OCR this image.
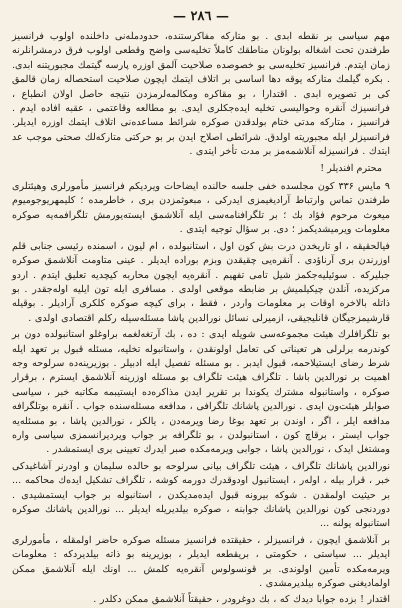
— ٢٨٦ —

مهم سیاسی بر نقطه ابدی . بو متارکه مفاکرستنده، حدودمله‌نی داخلنده اولوب فرانسیز طرفندن تحت اشغاله بولونان مناطقك کاملاً تخلیه‌سی واضح وقطعی اولوب فرق درمشرانلرنه زمان ایتدم. فرانسیز تخلیه‌سی بو خصوصده صلاحیت آلمق اوزره پارسه گیتمك مجبوریتنه ابدی. . بکره گیلمك متارکه یوقه دها اساسی بر اتلاف ایتمك ایچون صلاحیت استحصاله زمان قالمق کی بر تصویره ابدی . اقتدارا ، بو مقاکره ومکالمه‌لرمزدن نتیجه حاصل اولان انطباع ، فرانسیزك آنقره وحوالیسی تخلیه ایده‌جکلری ایدی. بو مطالعه وقاعتمی ، عقبه افاده ایدم . فرانسیز ، متارکه مدتی ختام بولدقدن صوکره شرائط مساعده‌نی اتلاف ایتمك اوزره ایدیلر. فرانسیزلر ایله مجبوریته اولدق. شرائطی اصلاح ایدن بر بو حرکتی متارکه‌لك صحتی موجب عد ایتدك . فرانسیزله آنلاشمه‌مز بر مدت تأخر ایتدی .

محترم افندیلر !

۹ مایس ۳۳۶ کون مجلسده خفی جلسه حالنده ایضاحات ویردیکم فرانسیز مأمورلری وهیئتلری طرفندن تماس وارتباط آرادیغیمزی ایدرکی ، مبعوثمزدن بری ، خاطرمده ؛ کلیمهریوجومیوم میعوث مرحوم فؤاد بك ؛ بر تلگرافنامه‌سی ایله آنلاشمق ایسته‌یورمش تلگرافمه‌یه صوکره معلومات ویرمیشدیکمز ؛ دی. بر سؤال توجیه ایتدی .

فیالحقیقه ، او تاریخدن درت بش کون اول ، استانبولده ، ام لیون ، اسمنده رئیسی جنابی قلم اوزرندن بری آرناؤدی . آنقره‌یی چقیقدن وبزم بوراده ایدیلر . عینی متاومت آنلاشمق صوکره جبلیرکه . سوئیلیه‌جکمز شیل تامی تفهیم . آنقره‌یه ایچون محاربه کیچدیه تعلیق ایتدم . اردو مرکزیده، آنلدن چیکیلمیش بر ضابطه موقعی اولدی . مسافری ایله تون ایلیه اوله‌جقدر . بو ذاتله بالاخره اوقات بر معلومات واردر ، فقط ، برای کیچه صوکره کلکری آرادیلر . بوقیله قارشیمزجیگان قانلیجیقی، ازمیرلی نسائل نورالدین پاشا مسئله‌سیله رکلم اقتصادی اولدی .

بو تلگرافلرك هیئت مجموعه‌سی شویله ایدی : ده ، بك آرتغه‌لغمه براوغلو استانبولده دون بر کوندرمه برلرلی هر تعیناتی کی تعامل اولونقدن ، واستانبوله تخلیه، مسئله قبول بر تعهد ایله شرط رضای ایستیلاحمه، قبول ایدبر . بو مسئله تفصیل ایله ادبیلر . بوزیرینه‌ده سرلوحه وجه اهمیت بر نورالدین باشا . تلگراف هیئت تلگراف بو مسئله اوزرینه آنلاشمق ایسترم ، برقرار صوکره ، واستانبوله مشترك یکوندا بر تقریر ایدن مذاکره‌ده ایستیبمه مکاتبه خبر ، سیاسی صوابلر هیئت‌ون ایدی . نورالدین پاشانك تلگرافی ، مدافعه مسئله‌سنده جواب . آنقره بوتلگرافه مدافعه ایلر ، اگر ، اوندن بر تعهد بوغا رضا ویرمه‌دن ، یالکز ، نورالدین پاشا ، بو مسئله‌یه جواب ایستر ، برقاچ کون ، استانبولدن ، بو تلگرافه بر جواب ویردیرانسمزی سیاسی واره ومشتغل ایدک ، نورالدین پاشا ، جوابی ویرمه‌مکده صبر ایدرك تعیینی بری ایستمشدر .

نورالدین پاشانك تلگراف ، هیئت تلگراف بیانی سرلوحه بو حالده سلیمان و اودرنر آشاغیدکی خبر ، قرار بیله ، اوله‌ر ، ایستانبول اودوقدرك دورمه کوشه ، تلگراف تشکیل ایده‌ك محاکمه ... بر حیثیت اولمقدن . شوکه بیرونه قبول ایده‌مدیکدن ، استانبوله بر جواب ایستمشیدی . دوردنجی کون نورالدین پاشانك جوابنه ، صوکره بیلدیریله ایدیلر ... نورالدین پاشانك صوکره استانبوله یولنه ...

بر آنلاشمق ایچون ، فرانسیزلر ، حقیقتده فرانسیز مسئله صوکره حاضر اولمقله ، مأمورلری ایدیلر ... سیاستی ، حکومتی ، بریقطعه ایدیلر ، بوزیرینه بو ذاته بیلدیردکه : معلومات ویرمه‌مکده تأمین اولوندی. بر قونسولوس آنقره‌یه کلمش ... اونك ایله آنلاشمق ممکن اولمادیغنی صوکره بیلدیرمشدی .

اقتدار ! بزده جوابا دیدك که ، بك دوغرودر ، حقیقتاً آنلاشمق ممکن دکلدر .
